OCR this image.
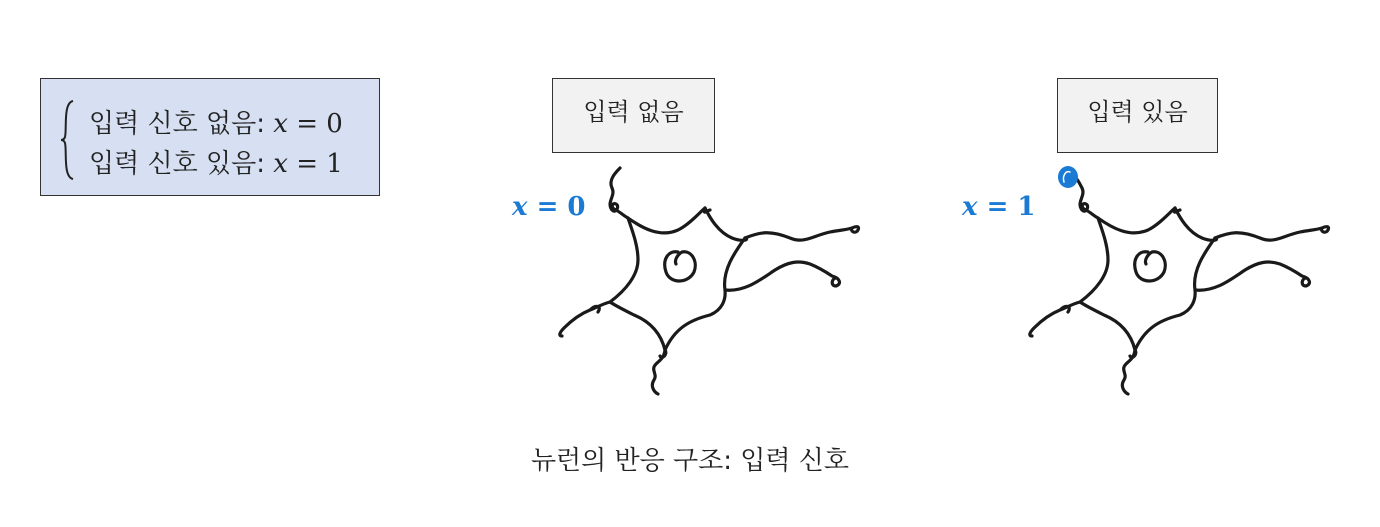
입력 신호 없음: x = 0
입력 신호 있음: x = 1
입력 없음	입력 있음
x = 0	x = 1
뉴런의 반응 구조: 입력 신호
